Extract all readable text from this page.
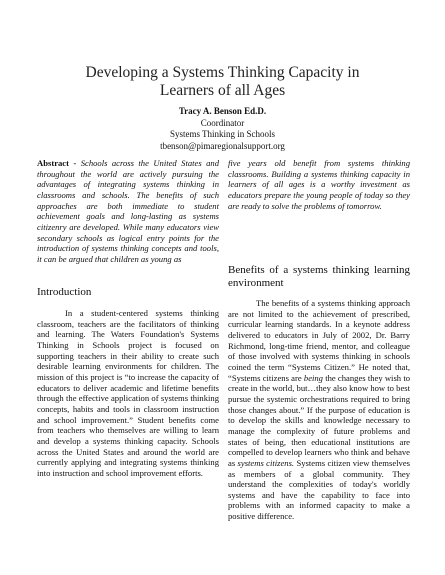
Developing a Systems Thinking Capacity in
Learners of all Ages
Tracy A. Benson Ed.D.
Coordinator
Systems Thinking in Schools
tbenson@pimaregionalsupport.org

Abstract - Schools across the United States and throughout the world are actively pursuing the advantages of integrating systems thinking in classrooms and schools. The benefits of such approaches are both immediate to student achievement goals and long-lasting as systems citizenry are developed. While many educators view secondary schools as logical entry points for the introduction of systems thinking concepts and tools, it can be argued that children as young as

five years old benefit from systems thinking classrooms. Building a systems thinking capacity in learners of all ages is a worthy investment as educators prepare the young people of today so they are ready to solve the problems of tomorrow.

Introduction

In a student-centered systems thinking classroom, teachers are the facilitators of thinking and learning. The Waters Foundation's Systems Thinking in Schools project is focused on supporting teachers in their ability to create such desirable learning environments for children. The mission of this project is “to increase the capacity of educators to deliver academic and lifetime benefits through the effective application of systems thinking concepts, habits and tools in classroom instruction and school improvement.” Student benefits come from teachers who themselves are willing to learn and develop a systems thinking capacity. Schools across the United States and around the world are currently applying and integrating systems thinking into instruction and school improvement efforts.

Benefits of a systems thinking learning environment

The benefits of a systems thinking approach are not limited to the achievement of prescribed, curricular learning standards. In a keynote address delivered to educators in July of 2002, Dr. Barry Richmond, long-time friend, mentor, and colleague of those involved with systems thinking in schools coined the term “Systems Citizen.” He noted that, “Systems citizens are being the changes they wish to create in the world, but…they also know how to best pursue the systemic orchestrations required to bring those changes about.” If the purpose of education is to develop the skills and knowledge necessary to manage the complexity of future problems and states of being, then educational institutions are compelled to develop learners who think and behave as systems citizens. Systems citizen view themselves as members of a global community. They understand the complexities of today's worldly systems and have the capability to face into problems with an informed capacity to make a positive difference.
